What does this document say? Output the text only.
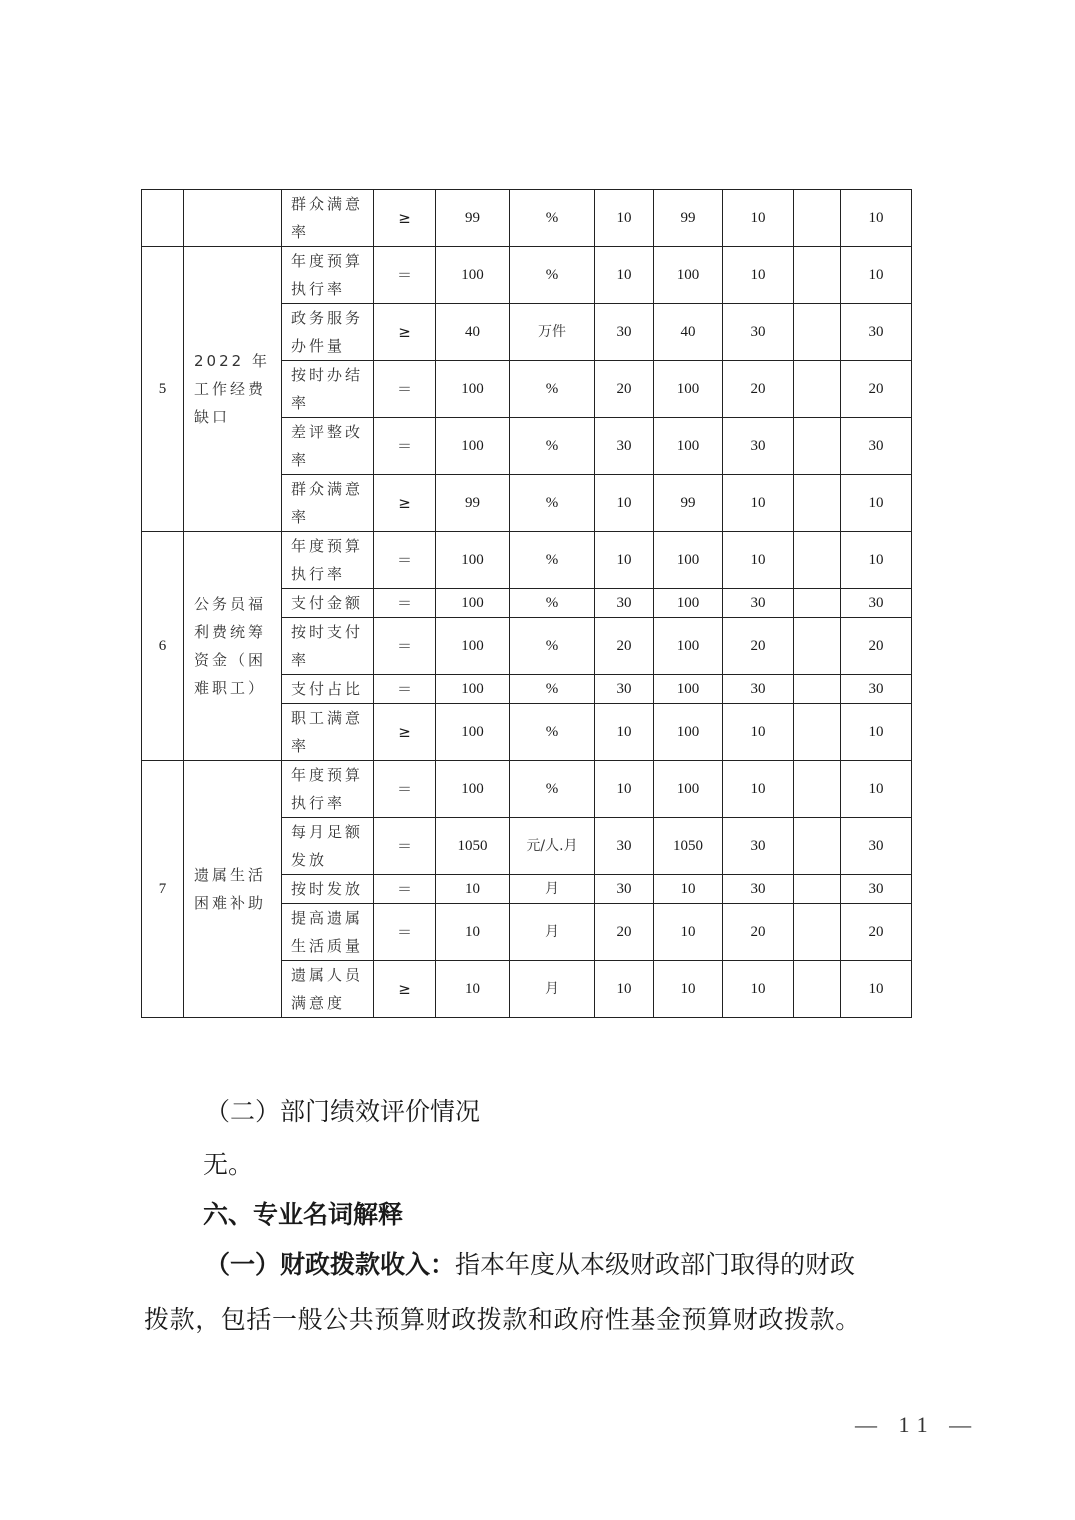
		群众满意率	≥	99	%	10	99	10		10
5	2022 年工作经费缺口	年度预算执行率	＝	100	%	10	100	10		10
		政务服务办件量	≥	40	万件	30	40	30		30
		按时办结率	＝	100	%	20	100	20		20
		差评整改率	＝	100	%	30	100	30		30
		群众满意率	≥	99	%	10	99	10		10
6	公务员福利费统筹资金（困难职工）	年度预算执行率	＝	100	%	10	100	10		10
		支付金额	＝	100	%	30	100	30		30
		按时支付率	＝	100	%	20	100	20		20
		支付占比	＝	100	%	30	100	30		30
		职工满意率	≥	100	%	10	100	10		10
7	遗属生活困难补助	年度预算执行率	＝	100	%	10	100	10		10
		每月足额发放	＝	1050	元/人.月	30	1050	30		30
		按时发放	＝	10	月	30	10	30		30
		提高遗属生活质量	＝	10	月	20	10	20		20
		遗属人员满意度	≥	10	月	10	10	10		10
（二）部门绩效评价情况
无。
六、专业名词解释
（一）财政拨款收入：指本年度从本级财政部门取得的财政
拨款，包括一般公共预算财政拨款和政府性基金预算财政拨款。
— 11 —
